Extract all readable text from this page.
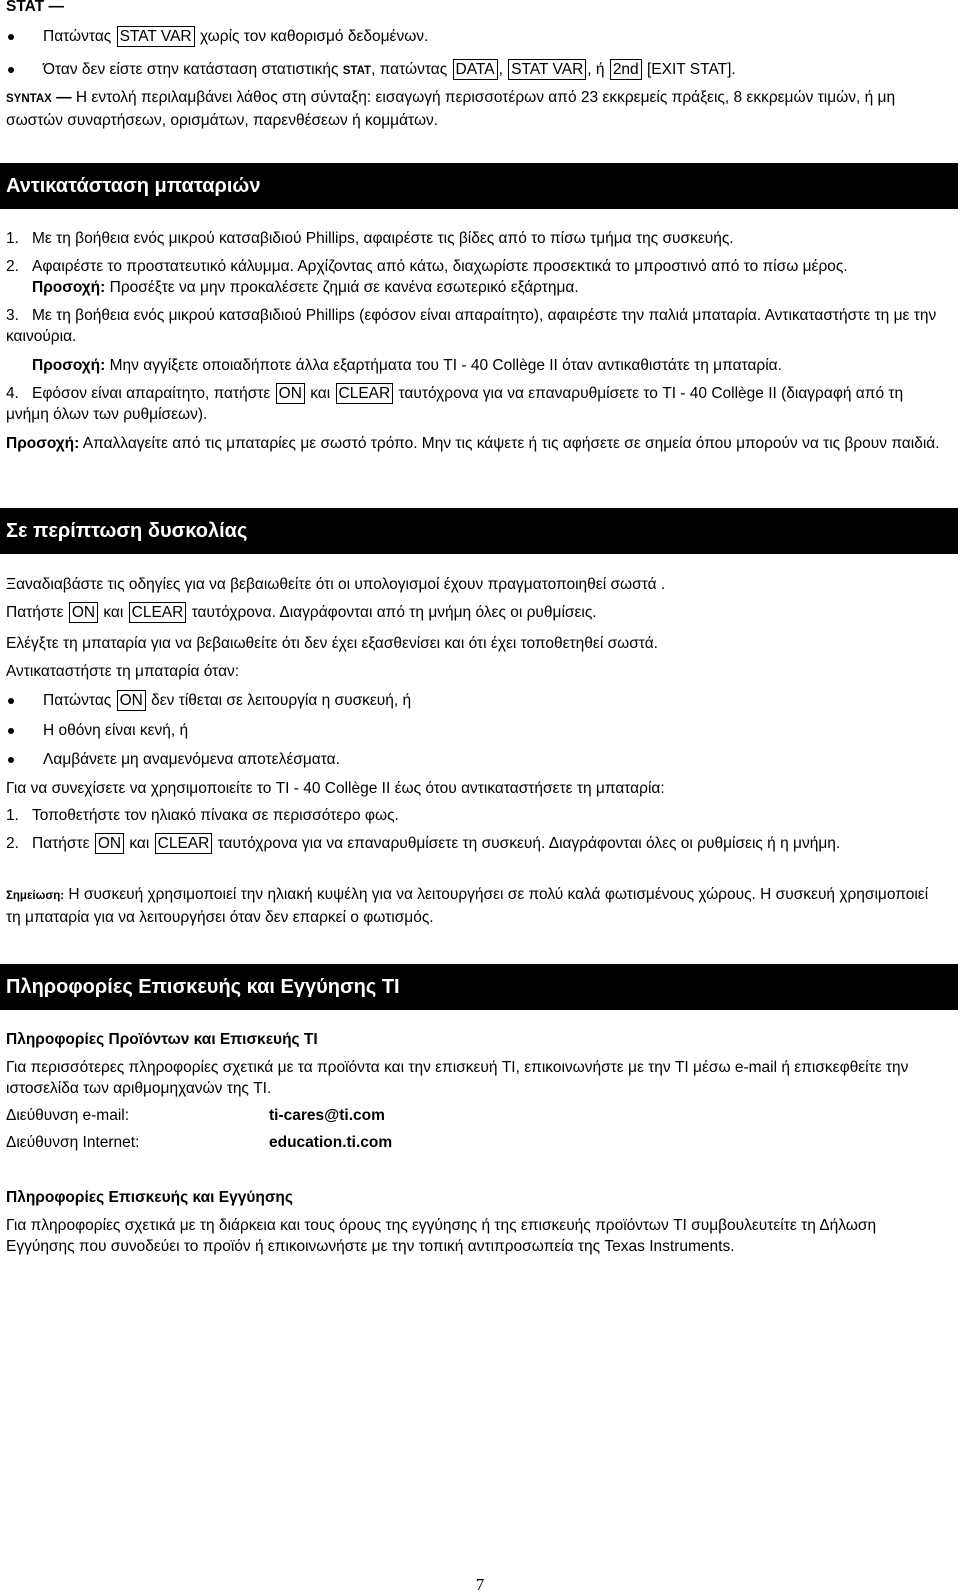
STAT —
Πατώντας STAT VAR χωρίς τον καθορισμό δεδομένων.
Όταν δεν είστε στην κατάσταση στατιστικής STAT, πατώντας DATA , STAT VAR , ή 2nd [EXIT STAT].
SYNTAX — Η εντολή περιλαμβάνει λάθος στη σύνταξη: εισαγωγή περισσοτέρων από 23 εκκρεμείς πράξεις, 8 εκκρεμών τιμών, ή μη σωστών συναρτήσεων, ορισμάτων, παρενθέσεων ή κομμάτων.
Αντικατάσταση μπαταριών
1. Με τη βοήθεια ενός μικρού κατσαβιδιού Phillips, αφαιρέστε τις βίδες από το πίσω τμήμα της συσκευής.
2. Αφαιρέστε το προστατευτικό κάλυμμα. Αρχίζοντας από κάτω, διαχωρίστε προσεκτικά το μπροστινό από το πίσω μέρος.
Προσοχή: Προσέξτε να μην προκαλέσετε ζημιά σε κανένα εσωτερικό εξάρτημα.
3. Με τη βοήθεια ενός μικρού κατσαβιδιού Phillips (εφόσον είναι απαραίτητο), αφαιρέστε την παλιά μπαταρία. Αντικαταστήστε τη με την καινούρια.
Προσοχή: Μην αγγίξετε οποιαδήποτε άλλα εξαρτήματα του TI - 40 Collège II όταν αντικαθιστάτε τη μπαταρία.
4. Εφόσον είναι απαραίτητο, πατήστε ON και CLEAR ταυτόχρονα για να επαναρυθμίσετε το TI - 40 Collège II (διαγραφή από τη μνήμη όλων των ρυθμίσεων).
Προσοχή: Απαλλαγείτε από τις μπαταρίες με σωστό τρόπο. Μην τις κάψετε ή τις αφήσετε σε σημεία όπου μπορούν να τις βρουν παιδιά.
Σε περίπτωση δυσκολίας
Ξαναδιαβάστε τις οδηγίες για να βεβαιωθείτε ότι οι υπολογισμοί έχουν πραγματοποιηθεί σωστά .
Πατήστε ON και CLEAR ταυτόχρονα. Διαγράφονται από τη μνήμη όλες οι ρυθμίσεις.
Ελέγξτε τη μπαταρία για να βεβαιωθείτε ότι δεν έχει εξασθενίσει και ότι έχει τοποθετηθεί σωστά.
Αντικαταστήστε τη μπαταρία όταν:
Πατώντας ON δεν τίθεται σε λειτουργία η συσκευή, ή
Η οθόνη είναι κενή, ή
Λαμβάνετε μη αναμενόμενα αποτελέσματα.
Για να συνεχίσετε να χρησιμοποιείτε το TI - 40 Collège II έως ότου αντικαταστήσετε τη μπαταρία:
1. Τοποθετήστε τον ηλιακό πίνακα σε περισσότερο φως.
2. Πατήστε ON και CLEAR ταυτόχρονα για να επαναρυθμίσετε τη συσκευή. Διαγράφονται όλες οι ρυθμίσεις ή η μνήμη.
Σημείωση: Η συσκευή χρησιμοποιεί την ηλιακή κυψέλη για να λειτουργήσει σε πολύ καλά φωτισμένους χώρους. Η συσκευή χρησιμοποιεί τη μπαταρία για να λειτουργήσει όταν δεν επαρκεί ο φωτισμός.
Πληροφορίες Επισκευής και Εγγύησης TI
Πληροφορίες Προϊόντων και Επισκευής TI
Για περισσότερες πληροφορίες σχετικά με τα προϊόντα και την επισκευή TI, επικοινωνήστε με την TI μέσω e-mail ή επισκεφθείτε την ιστοσελίδα των αριθμομηχανών της TI.
Διεύθυνση e-mail:	ti-cares@ti.com
Διεύθυνση Internet:	education.ti.com
Πληροφορίες Επισκευής και Εγγύησης
Για πληροφορίες σχετικά με τη διάρκεια και τους όρους της εγγύησης ή της επισκευής προϊόντων TI συμβουλευτείτε τη Δήλωση Εγγύησης που συνοδεύει το προϊόν ή επικοινωνήστε με την τοπική αντιπροσωπεία της Texas Instruments.
7
